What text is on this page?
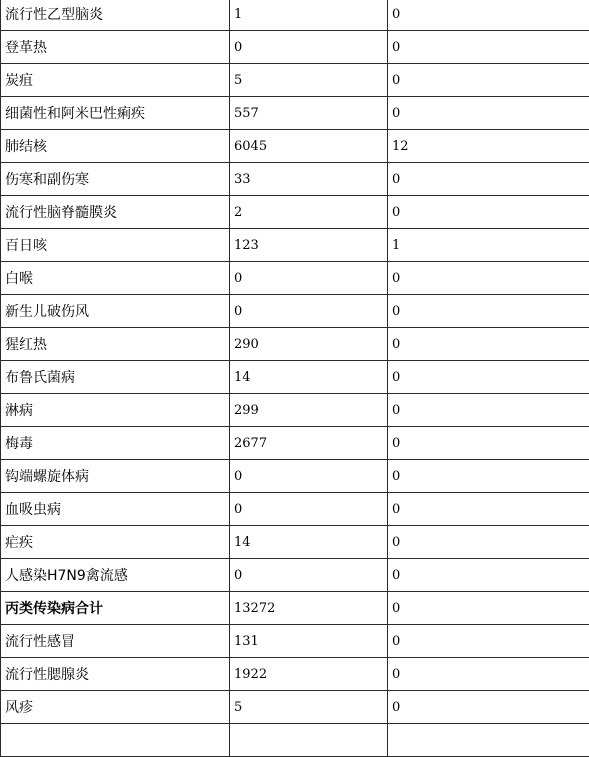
流行性乙型脑炎	1	0
登革热	0	0
炭疽	5	0
细菌性和阿米巴性痢疾	557	0
肺结核	6045	12
伤寒和副伤寒	33	0
流行性脑脊髓膜炎	2	0
百日咳	123	1
白喉	0	0
新生儿破伤风	0	0
猩红热	290	0
布鲁氏菌病	14	0
淋病	299	0
梅毒	2677	0
钩端螺旋体病	0	0
血吸虫病	0	0
疟疾	14	0
人感染H7N9禽流感	0	0
丙类传染病合计	13272	0
流行性感冒	131	0
流行性腮腺炎	1922	0
风疹	5	0
